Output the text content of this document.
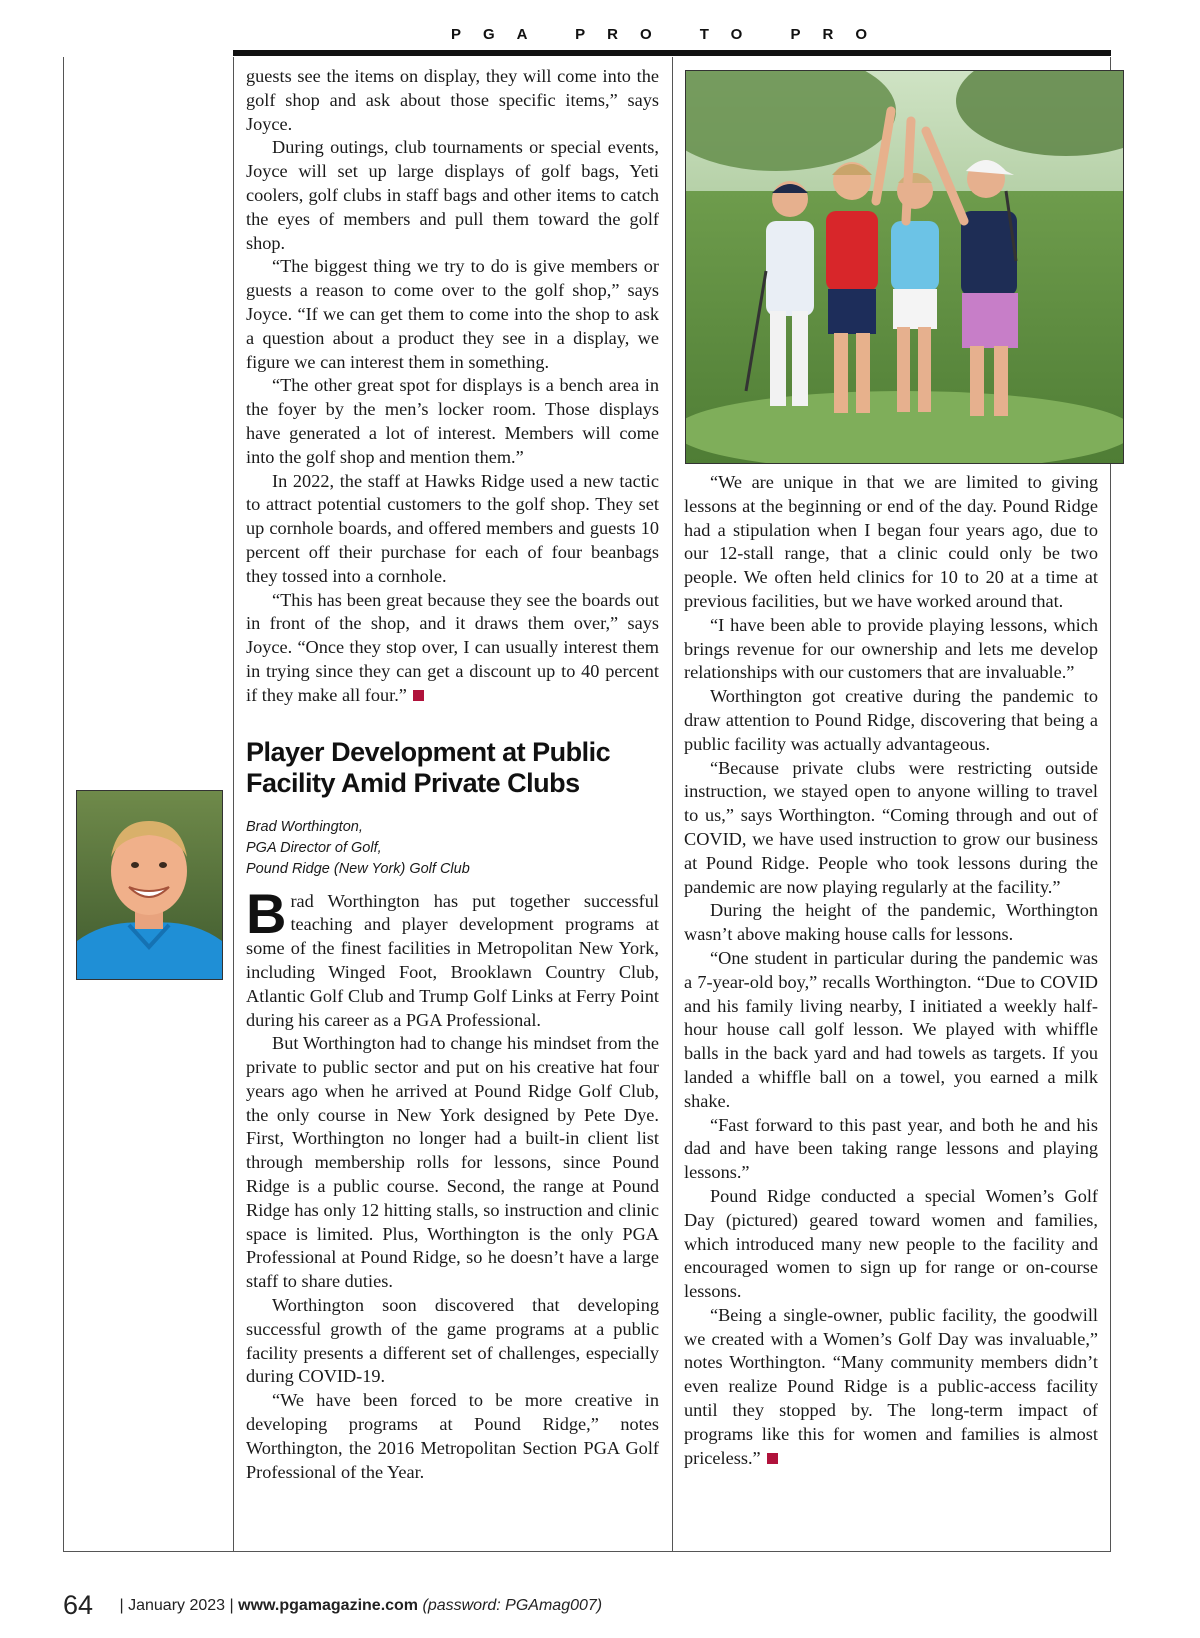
PGA PRO TO PRO

guests see the items on display, they will come into the golf shop and ask about those specific items,” says Joyce.

During outings, club tournaments or special events, Joyce will set up large displays of golf bags, Yeti coolers, golf clubs in staff bags and other items to catch the eyes of members and pull them toward the golf shop.

“The biggest thing we try to do is give members or guests a reason to come over to the golf shop,” says Joyce. “If we can get them to come into the shop to ask a question about a product they see in a display, we figure we can interest them in something.

“The other great spot for displays is a bench area in the foyer by the men’s locker room. Those displays have generated a lot of interest. Members will come into the golf shop and mention them.”

In 2022, the staff at Hawks Ridge used a new tactic to attract potential customers to the golf shop. They set up cornhole boards, and offered members and guests 10 percent off their purchase for each of four beanbags they tossed into a cornhole.

“This has been great because they see the boards out in front of the shop, and it draws them over,” says Joyce. “Once they stop over, I can usually interest them in trying since they can get a discount up to 40 percent if they make all four.”

Player Development at Public Facility Amid Private Clubs
Brad Worthington,
PGA Director of Golf,
Pound Ridge (New York) Golf Club

Brad Worthington has put together successful teaching and player development programs at some of the finest facilities in Metropolitan New York, including Winged Foot, Brooklawn Country Club, Atlantic Golf Club and Trump Golf Links at Ferry Point during his career as a PGA Professional.

But Worthington had to change his mindset from the private to public sector and put on his creative hat four years ago when he arrived at Pound Ridge Golf Club, the only course in New York designed by Pete Dye. First, Worthington no longer had a built-in client list through membership rolls for lessons, since Pound Ridge is a public course. Second, the range at Pound Ridge has only 12 hitting stalls, so instruction and clinic space is limited. Plus, Worthington is the only PGA Professional at Pound Ridge, so he doesn’t have a large staff to share duties.

Worthington soon discovered that developing successful growth of the game programs at a public facility presents a different set of challenges, especially during COVID-19.

“We have been forced to be more creative in developing programs at Pound Ridge,” notes Worthington, the 2016 Metropolitan Section PGA Golf Professional of the Year.

“We are unique in that we are limited to giving lessons at the beginning or end of the day. Pound Ridge had a stipulation when I began four years ago, due to our 12-stall range, that a clinic could only be two people. We often held clinics for 10 to 20 at a time at previous facilities, but we have worked around that.

“I have been able to provide playing lessons, which brings revenue for our ownership and lets me develop relationships with our customers that are invaluable.”

Worthington got creative during the pandemic to draw attention to Pound Ridge, discovering that being a public facility was actually advantageous.

“Because private clubs were restricting outside instruction, we stayed open to anyone willing to travel to us,” says Worthington. “Coming through and out of COVID, we have used instruction to grow our business at Pound Ridge. People who took lessons during the pandemic are now playing regularly at the facility.”

During the height of the pandemic, Worthington wasn’t above making house calls for lessons.

“One student in particular during the pandemic was a 7-year-old boy,” recalls Worthington. “Due to COVID and his family living nearby, I initiated a weekly half-hour house call golf lesson. We played with whiffle balls in the back yard and had towels as targets. If you landed a whiffle ball on a towel, you earned a milk shake.

“Fast forward to this past year, and both he and his dad and have been taking range lessons and playing lessons.”

Pound Ridge conducted a special Women’s Golf Day (pictured) geared toward women and families, which introduced many new people to the facility and encouraged women to sign up for range or on-course lessons.

“Being a single-owner, public facility, the goodwill we created with a Women’s Golf Day was invaluable,” notes Worthington. “Many community members didn’t even realize Pound Ridge is a public-access facility until they stopped by. The long-term impact of programs like this for women and families is almost priceless.”

64 | January 2023 | www.pgamagazine.com (password: PGAmag007)
